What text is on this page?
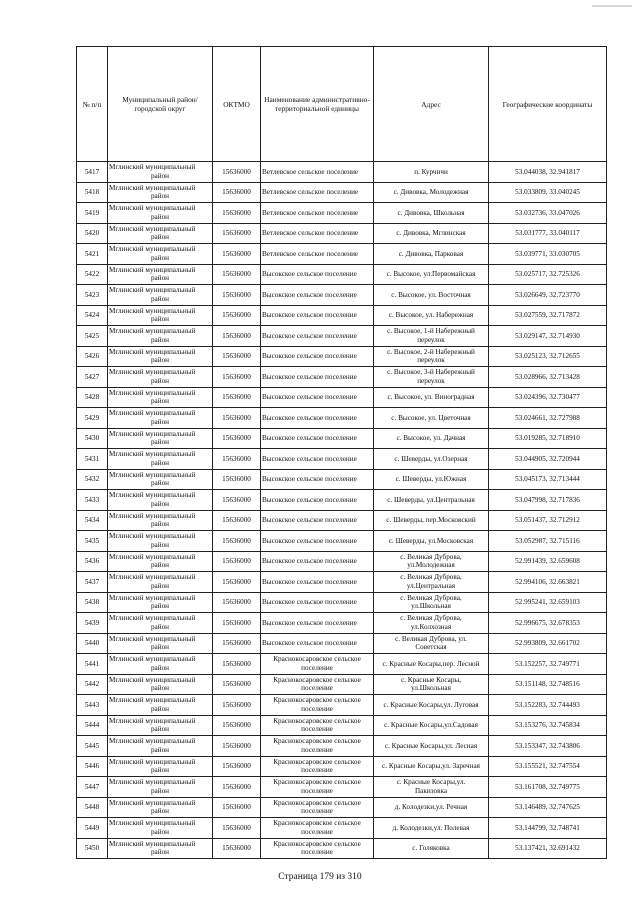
№ п/п	Муниципальный район/городской округ	ОКТМО	Наименование административно-территориальной единицы	Адрес	Географические координаты
5417	Мглинский муниципальный
район	15636000	Ветлевское сельское поселение	п. Курчичи	53.044038, 32.941817
5418	Мглинский муниципальный
район	15636000	Ветлевское сельское поселение	с. Дивовка, Молодежная	53.033809, 33.040245
5419	Мглинский муниципальный
район	15636000	Ветлевское сельское поселение	с. Дивовка, Школьная	53.032736, 33.047026
5420	Мглинский муниципальный
район	15636000	Ветлевское сельское поселение	с. Дивовка, Мглинская	53.031777, 33.040117
5421	Мглинский муниципальный
район	15636000	Ветлевское сельское поселение	с. Дивовка, Парковая	53.039771, 33.030705
5422	Мглинский муниципальный
район	15636000	Высокское сельское поселение	с. Высокое, ул.Первомайская	53.025717, 32.725326
5423	Мглинский муниципальный
район	15636000	Высокское сельское поселение	с. Высокое, ул. Восточная	53.026649, 32.723770
5424	Мглинский муниципальный
район	15636000	Высокское сельское поселение	с. Высокое, ул. Набережная	53.027559, 32.717872
5425	Мглинский муниципальный
район	15636000	Высокское сельское поселение	с. Высокое, 1-й Набережный
переулок	53.029147, 32.714930
5426	Мглинский муниципальный
район	15636000	Высокское сельское поселение	с. Высокое, 2-й Набережный
переулок	53.025123, 32.712655
5427	Мглинский муниципальный
район	15636000	Высокское сельское поселение	с. Высокое, 3-й Набережный
переулок	53.028966, 32.713428
5428	Мглинский муниципальный
район	15636000	Высокское сельское поселение	с. Высокое, ул. Виноградная	53.024396, 32.730477
5429	Мглинский муниципальный
район	15636000	Высокское сельское поселение	с. Высокое, ул. Цветочная	53.024661, 32.727988
5430	Мглинский муниципальный
район	15636000	Высокское сельское поселение	с. Высокое, ул. Дачная	53.019285, 32.718910
5431	Мглинский муниципальный
район	15636000	Высокское сельское поселение	с. Шеверды, ул.Озерная	53.044905, 32.720944
5432	Мглинский муниципальный
район	15636000	Высокское сельское поселение	с. Шеверды, ул.Южная	53.045173, 32.713444
5433	Мглинский муниципальный
район	15636000	Высокское сельское поселение	с. Шеверды, ул.Центральная	53.047998, 32.717836
5434	Мглинский муниципальный
район	15636000	Высокское сельское поселение	с. Шеверды, пер.Московский	53.051437, 32.712912
5435	Мглинский муниципальный
район	15636000	Высокское сельское поселение	с. Шеверды, ул.Московская	53.052987, 32.715116
5436	Мглинский муниципальный
район	15636000	Высокское сельское поселение	с. Великая Дуброва,
ул.Молодежная	52.991439, 32.659608
5437	Мглинский муниципальный
район	15636000	Высокское сельское поселение	с. Великая Дуброва,
ул.Центральная	52.994106, 32.663821
5438	Мглинский муниципальный
район	15636000	Высокское сельское поселение	с. Великая Дуброва,
ул.Школьная	52.995241, 32.659103
5439	Мглинский муниципальный
район	15636000	Высокское сельское поселение	с. Великая Дуброва,
ул.Колхозная	52.996675, 32.678353
5440	Мглинский муниципальный
район	15636000	Высокское сельское поселение	с. Великая Дуброва, ул.
Советская	52.993809, 32.661702
5441	Мглинский муниципальный
район	15636000	Краснокосаровское сельское
поселение	с. Красные Косары,пер. Лесной	53.152257, 32.749771
5442	Мглинский муниципальный
район	15636000	Краснокосаровское сельское
поселение	с. Красные Косары,
ул.Школьная	53.151148, 32.748516
5443	Мглинский муниципальный
район	15636000	Краснокосаровское сельское
поселение	с. Красные Косары,ул. Луговая	53.152283, 32.744493
5444	Мглинский муниципальный
район	15636000	Краснокосаровское сельское
поселение	с. Красные Косары,ул.Садовая	53.153276, 32.745834
5445	Мглинский муниципальный
район	15636000	Краснокосаровское сельское
поселение	с. Красные Косары,ул. Лесная	53.153347, 32.743806
5446	Мглинский муниципальный
район	15636000	Краснокосаровское сельское
поселение	с. Красные Косары,ул. Заречная	53.155521, 32.747554
5447	Мглинский муниципальный
район	15636000	Краснокосаровское сельское
поселение	с. Красные Косары,ул.
Пакизовка	53.161708, 32.749775
5448	Мглинский муниципальный
район	15636000	Краснокосаровское сельское
поселение	д. Колодезки,ул. Речная	53.146489, 32.747625
5449	Мглинский муниципальный
район	15636000	Краснокосаровское сельское
поселение	д. Колодезки,ул. Полевая	53.144799, 32.748741
5450	Мглинский муниципальный
район	15636000	Краснокосаровское сельское
поселение	с. Голяковка	53.137421, 32.691432
Страница 179 из 310
